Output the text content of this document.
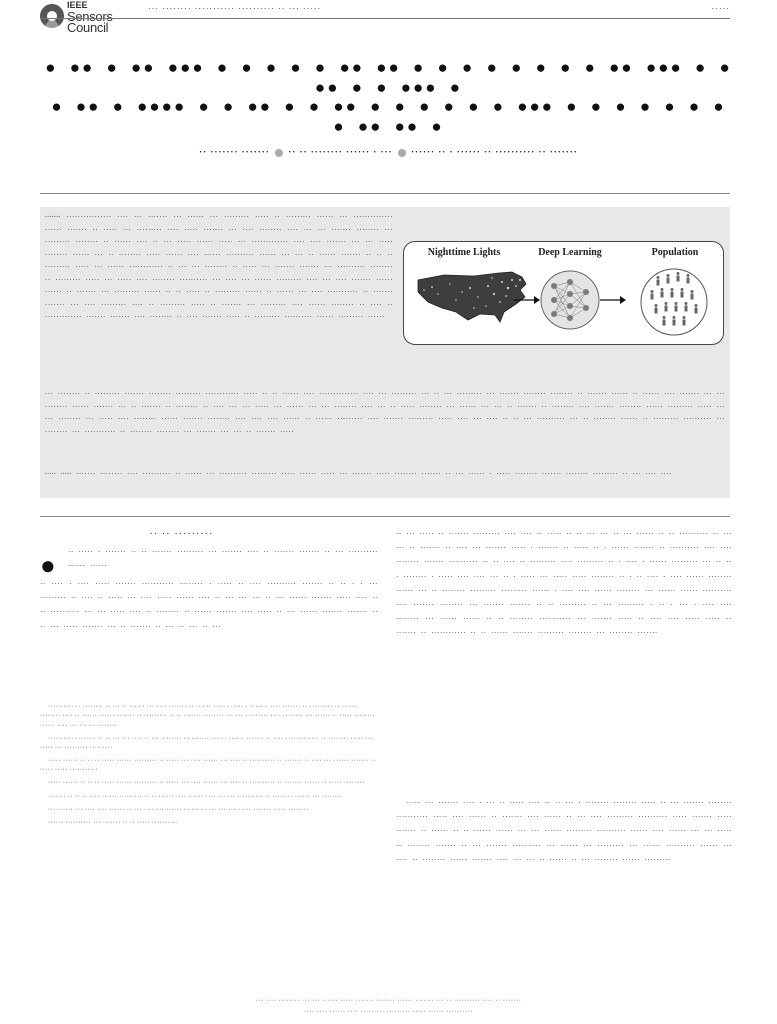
IEEE
Sensors Council
··· ········ ··········· ·········· ·· ··· ·····	·····
● ●● ● ●● ●●● ● ● ● ● ● ●● ●● ● ● ● ● ● ● ● ● ●● ●●● ● ● ●● ● ● ●●● ●
● ●● ● ●●●● ● ● ●● ● ● ●● ● ● ● ● ● ● ●●● ● ● ● ● ● ● ● ● ●● ●● ●
·· ······· ······· ·· ·· ········ ······ · ··· ······ ·· · ······ ·· ·········· ·· ·······
······· ················ ···· ··· ······· ··· ······ ··· ········· ····· ·· ········· ······ ··· ·············· ······ ······· ·· ····· ··· ········· ···· ····· ······· ··· ···· ········ ···· ··· ··· ······· ········ ··· ········· ········ ·· ······ ···· ·· ··· ····· ······ ····· ··· ············· ···· ···· ······· ··· ··· ····· ········ ······ ··· ·· ········ ····· ······ ···· ······ ·········· ······ ··· ··· ·· ······ ······· ·· ·· ·· ········· ····· ··· ······ ············ ·· ··· ··· ········ ·· ····· ··· ······· ······· ··· ·········· ········ ·· ········· ····· ··· ····· ···· ········ ·········· ··· ···· ··· ······ ········· ···· ··· ···· ······· ······ ······ ·· ······· ··· ········· ······ ·· ·· ····· ·· ········· ······ ·· ······ ··· ···· ··········· ·· ······· ······· ··· ···· ········· ···· ·· ········· ····· ·· ······· ··· ········· ···· ······ ········ ·· ···· ·· ············· ······· ······· ···· ········ ·· ···· ······· ····· ·· ········· ·········· ······ ········· ······
Nighttime Lights	Deep Learning	Population
··· ········ ·· ········· ······· ········ ········· ············ ····· ·· ·· ······ ···· ·············· ···· ··· ········· ··· ·· ··· ········· ··· ······· ········ ········ ·· ······· ······ ·· ······ ···· ······· ··· ··· ········ ······ ······· ··· ·· ······· ·· ········ ·· ···· ··· ··· ····· ··· ······ ··· ··· ········ ···· ··· ·· ····· ········ ··· ······ ··· ··· ·· ······· ·· ········ ···· ······· ········ ······ ········· ····· ··· ··· ········ ··· ····· ···· ········ ······ ······· ········ ···· ···· ···· ······ ·· ······ ········· ···· ······· ········· ····· ···· ··· ···· ·· ·· ··· ·········· ··· ·· ········ ······ ·· ········· ·········· ··· ········ ··· ··········· ·· ········ ········ ··· ······· ··· ··· ·· ······· ·····
····· ····· ······· ········ ···· ·········· ·· ······ ··· ·········· ········· ····· ······ ····· ··· ······· ····· ········ ······· ·· ··· ······ · ····· ········ ······· ········ ········· ·· ··· ···· ····
·· ·· ·········
● ·· ····· · ······· ·· ·· ······· ········· ··· ······· ···· ·· ······· ······· ·· ··· ·········· ······ ······
·· ···· · ···· ····· ······· ··········· ········ · ····· ·· ···· ·········· ······· ·· ·· · · ··· ········· ·· ···· ·· ····· ··· ···· ····· ······ ···· ·· ··· ··· ··· ·· ··· ······ ······· ····· ···· ·· ·· ·········· ··· ··· ····· ···· ·· ········ ·· ······ ······· ···· ····· ·· ··· ······ ······· ······· ·· ·· ··· ····· ······· ··· ·· ······· ·· ··· ·· ··· ·· ···

·········· ·· ········ ·· ··· ·· ······ ··· ···· ······· ·· ······ ······ ····· · ······· ···· ······· ·· ········· ·· ······ ········ ···· ·· ······ ······ ······· ·· ········· ·· ·· ······· ········ ··· ··· ········· ···· ········ ··· ······ ·· ····· ········ ······ ···· ··· ······ ········

·········· ········ ·· ·· ··· ··· ···· ·· ··· ········ ·········· ······ ······ ······· ·· ···· ············· ·· ········ ····· ··· ····· ··· ········· ·········

····· ······ ·· ·· ·· ····· ······ ········· ·· ····· ··· ···· ······ ··· ···· ·· ·········· ·· ······· ·· ···· ··· ······ ······· ·· ····· ····· ···········

····· ······ ·· ·· ·· ····· ······ ········· ·· ····· ··· ···· ······ ··· ···· ·· ·········· ·· ······· ······ ·· ····· ········

······· ·· ·· ·· ···· ······ ········· ·· ·· ······ ···· ······ ···· ··· ··· ·········· ·· ········ ······ ··· ········

··· ······ ··· ···· ···· ······ ·· ··· ········ ······ ········· ··· ··· ········· ······· ····· ········

······ ·········· ··· ······· ·· ·· ····· ··········

·· ··· ····· ·· ······· ········· ···· ···· ·· ····· ·· ·· ··· ··· ·· ··· ······ ·· ·· ·········· ·· ··· ··· ·· ······· ·· ···· ··· ······· ····· · ······· ·· ····· ·· · ······ ······· ·· ·········· ···· ···· ········ ······· ·········· ·· ·· ···· ·· ········· ···· ········· ·· · ···· · ······ ········· ··· ·· ·· · ········ · ····· ···· ···· ··· ·· · ····· ··· ····· ····· ········ ·· · ·· ···· · ···· ······ ········ ······ ··· ·· ········ ········· ········· ······ · ···· ···· ······ ········ ··· ······ ······ ·········· ···· ······· ········ ··· ······· ······· ·· ·· ········· ·· ··· ········· · ·· · ··· · ···· ···· ········ ··· ······ ······ ·· ·· ········ ··········· ··· ······· ····· ·· ···· ···· ····· ····· ·· ······· ·· ············ ·· ·· ······ ······· ········· ········ ··· ········ ·······
····· ··· ······· ···· · ··· ·· ····· ···· ·· ·· ··· · ········ ········ ····· ·· ··· ······· ········ ··········· ····· ···· ······ ·· ······· ···· ······ ·· ··· ···· ········· ·········· ····· ······· ····· ······· ·· ······ ·· ·· ······ ······ ··· ··· ······ ········· ·········· ······ ···· ······ ··· ··· ····· ·· ········ ······· ·· ··· ······· ·········· ··· ······ ··· ········· ··· ······ ·········· ······ ··· ···· ·· ········ ······ ······· ···· ··· ··· ·· ······ ·· ··· ········ ······ ·········
··· ···· ········ ··· ··· ······ ····· ······· ······· ······ ······· ··· ·· ·········· ···· ·· ·······
···· ···· ······ ···· ········· ········· ····· ······ ··········
